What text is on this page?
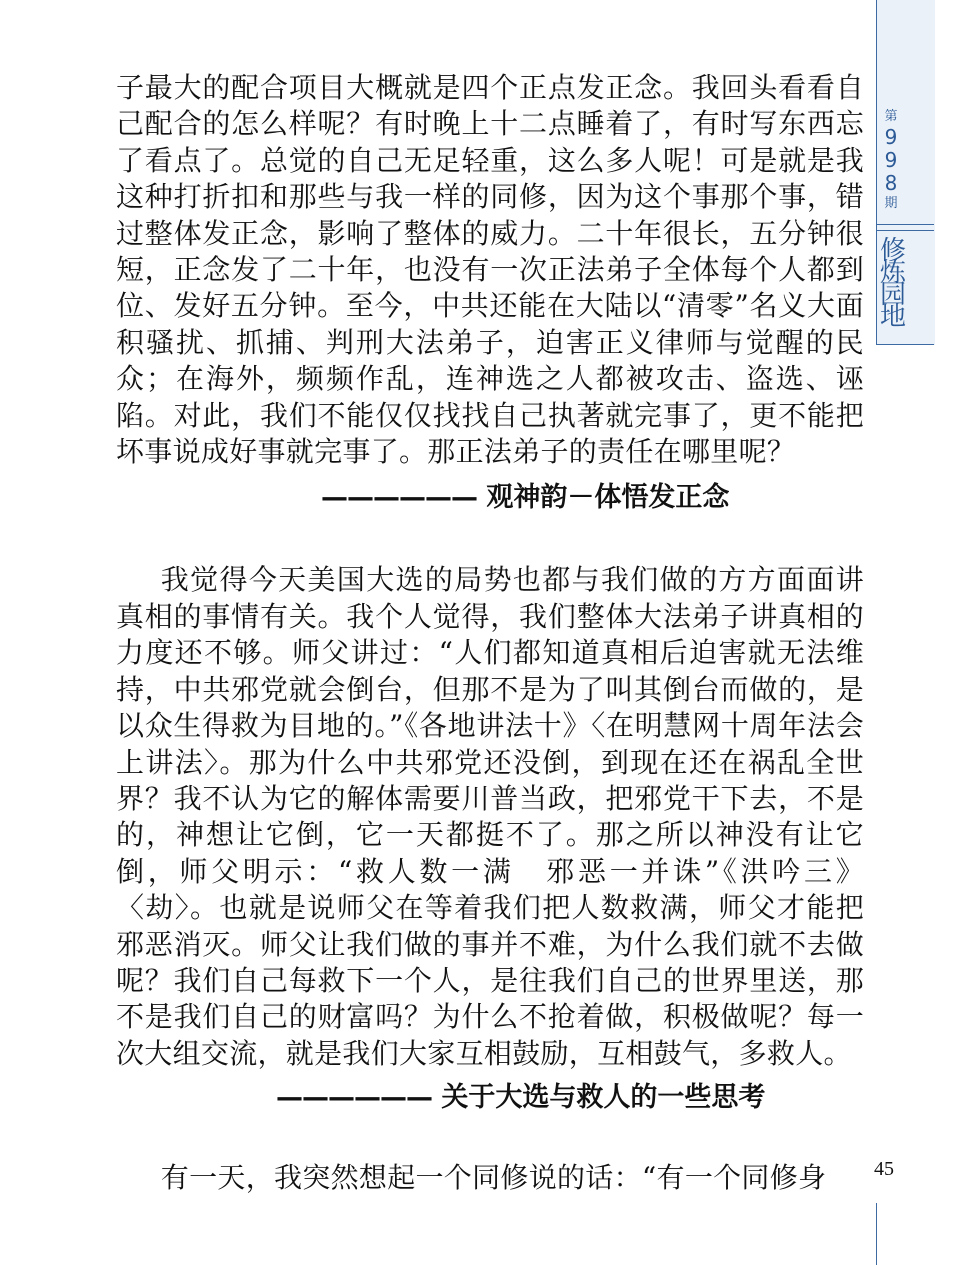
子最大的配合项目大概就是四个正点发正念。我回头看看自己配合的怎么样呢？有时晚上十二点睡着了，有时写东西忘了看点了。总觉的自己无足轻重，这么多人呢！可是就是我这种打折扣和那些与我一样的同修，因为这个事那个事，错过整体发正念，影响了整体的威力。二十年很长，五分钟很短，正念发了二十年，也没有一次正法弟子全体每个人都到位、发好五分钟。至今，中共还能在大陆以“清零”名义大面积骚扰、抓捕、判刑大法弟子，迫害正义律师与觉醒的民众；在海外，频频作乱，连神选之人都被攻击、盗选、诬陷。对此，我们不能仅仅找找自己执著就完事了，更不能把坏事说成好事就完事了。那正法弟子的责任在哪里呢？

—————— 观神韵－体悟发正念

我觉得今天美国大选的局势也都与我们做的方方面面讲真相的事情有关。我个人觉得，我们整体大法弟子讲真相的力度还不够。师父讲过：“人们都知道真相后迫害就无法维持，中共邪党就会倒台，但那不是为了叫其倒台而做的，是以众生得救为目地的。”《各地讲法十》〈在明慧网十周年法会上讲法〉。那为什么中共邪党还没倒，到现在还在祸乱全世界？我不认为它的解体需要川普当政，把邪党干下去，不是的，神想让它倒，它一天都挺不了。那之所以神没有让它倒，师父明示：“救人数一满　邪恶一并诛”《洪吟三》〈劫〉。也就是说师父在等着我们把人数救满，师父才能把邪恶消灭。师父让我们做的事并不难，为什么我们就不去做呢？我们自己每救下一个人，是往我们自己的世界里送，那不是我们自己的财富吗？为什么不抢着做，积极做呢？每一次大组交流，就是我们大家互相鼓励，互相鼓气，多救人。

—————— 关于大选与救人的一些思考

有一天，我突然想起一个同修说的话：“有一个同修身

第
9
9
8
期
修
炼
园
地
45
